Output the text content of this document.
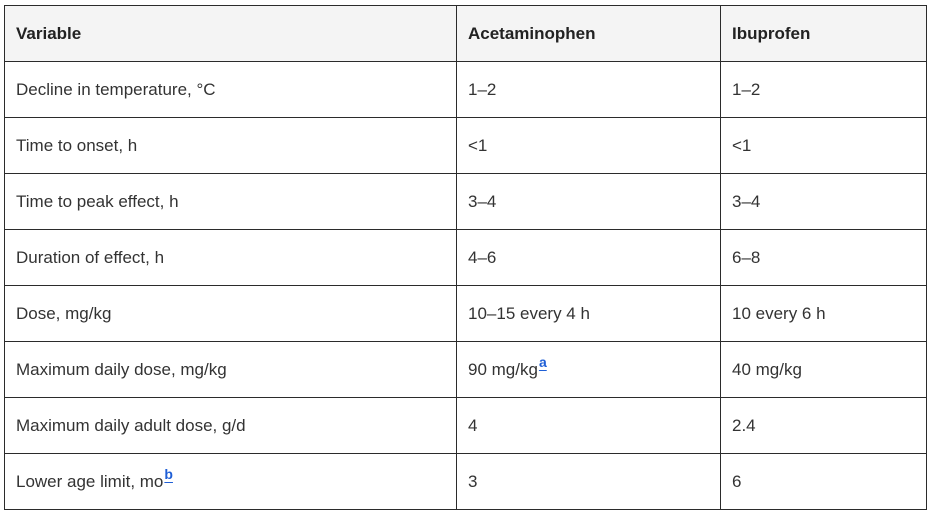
Variable	Acetaminophen	Ibuprofen
Decline in temperature, °C	1–2	1–2
Time to onset, h	<1	<1
Time to peak effect, h	3–4	3–4
Duration of effect, h	4–6	6–8
Dose, mg/kg	10–15 every 4 h	10 every 6 h
Maximum daily dose, mg/kg	90 mg/kg$^a$	40 mg/kg
Maximum daily adult dose, g/d	4	2.4
Lower age limit, mo$^b$	3	6
